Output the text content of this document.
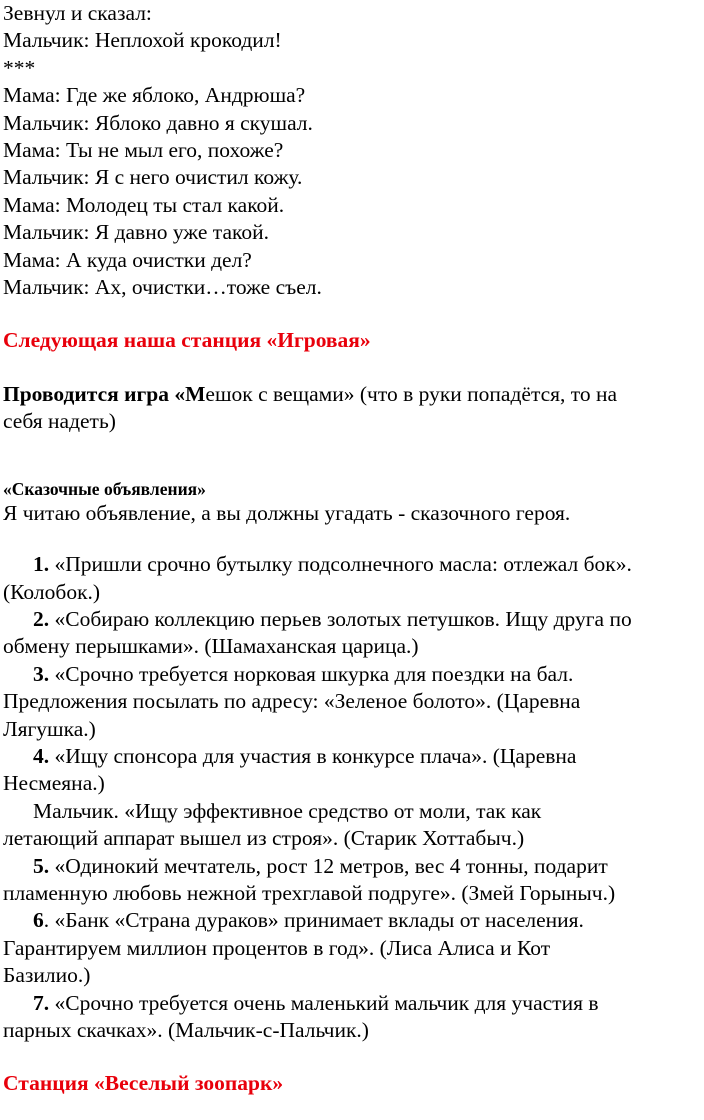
Зевнул и сказал:
Мальчик: Неплохой крокодил!
***
Мама: Где же яблоко, Андрюша?
Мальчик: Яблоко давно я скушал.
Мама: Ты не мыл его, похоже?
Мальчик: Я с него очистил кожу.
Мама: Молодец ты стал какой.
Мальчик: Я давно уже такой.
Мама: А куда очистки дел?
Мальчик: Ах, очистки…тоже съел.
Следующая наша станция «Игровая»
Проводится игра «Мешок с вещами» (что в руки попадётся, то на
себя надеть)
«Сказочные объявления»
Я читаю объявление, а вы должны угадать - сказочного героя.
1. «Пришли срочно бутылку подсолнечного масла: отлежал бок».
(Колобок.)
2. «Собираю коллекцию перьев золотых петушков. Ищу друга по
обмену перышками». (Шамаханская царица.)
3. «Срочно требуется норковая шкурка для поездки на бал.
Предложения посылать по адресу: «Зеленое болото». (Царевна
Лягушка.)
4. «Ищу спонсора для участия в конкурсе плача». (Царевна
Несмеяна.)
Мальчик. «Ищу эффективное средство от моли, так как
летающий аппарат вышел из строя». (Старик Хоттабыч.)
5. «Одинокий мечтатель, рост 12 метров, вес 4 тонны, подарит
пламенную любовь нежной трехглавой подруге». (Змей Горыныч.)
6. «Банк «Страна дураков» принимает вклады от населения.
Гарантируем миллион процентов в год». (Лиса Алиса и Кот
Базилио.)
7. «Срочно требуется очень маленький мальчик для участия в
парных скачках». (Мальчик-с-Пальчик.)
Станция «Веселый зоопарк»
